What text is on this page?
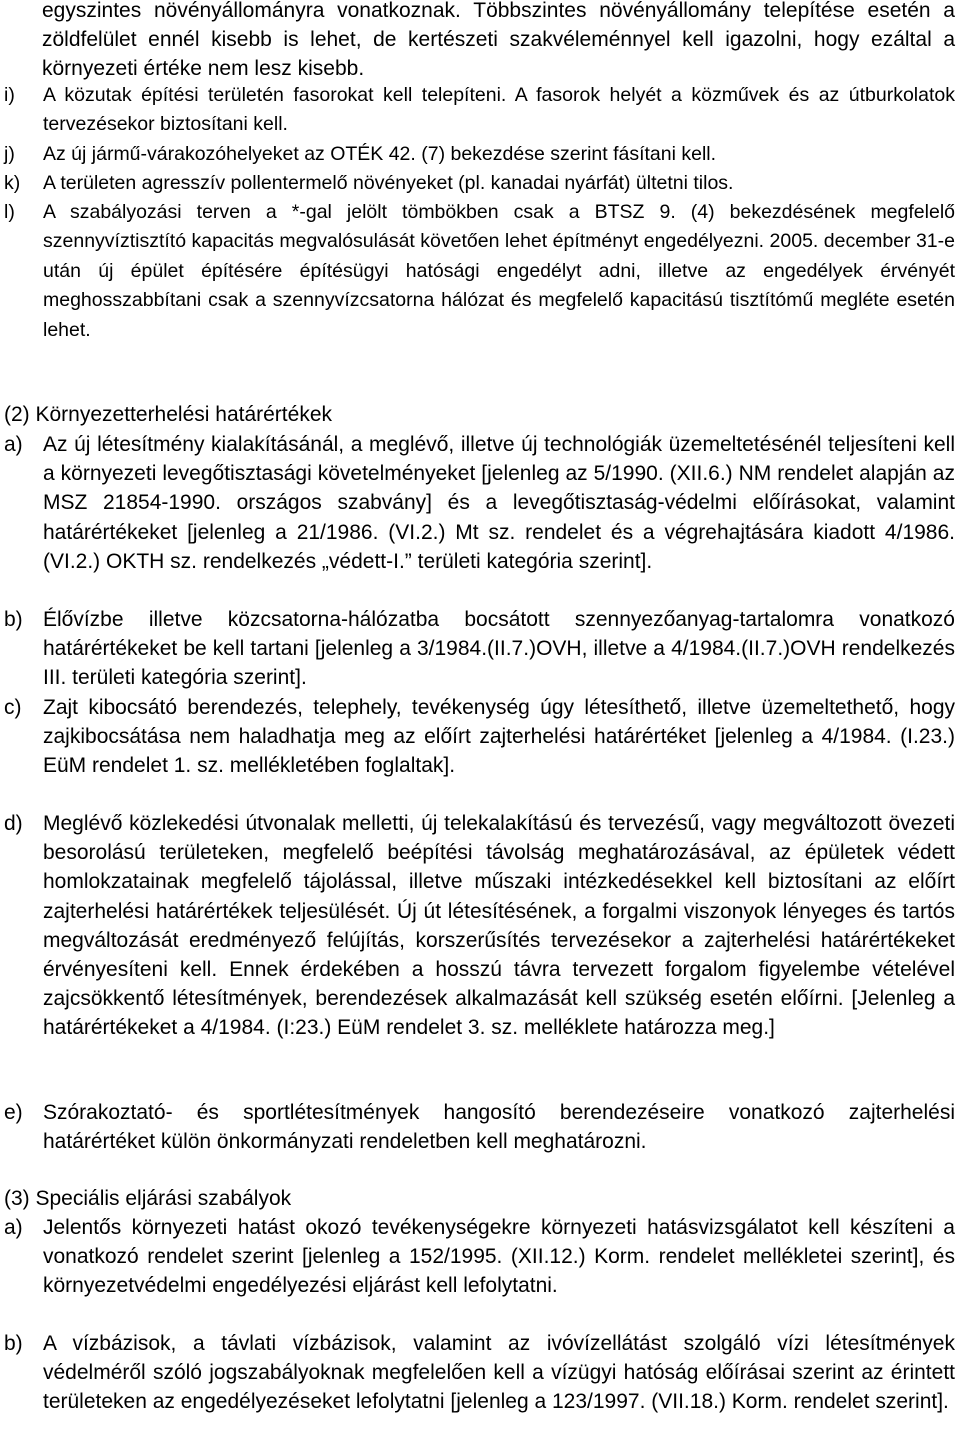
egyszintes növényállományra vonatkoznak. Többszintes növényállomány telepítése esetén a zöldfelület ennél kisebb is lehet, de kertészeti szakvéleménnyel kell igazolni, hogy ezáltal a környezeti értéke nem lesz kisebb.
i)	A közutak építési területén fasorokat kell telepíteni. A fasorok helyét a közművek és az útburkolatok tervezésekor biztosítani kell.
j)	Az új jármű-várakozóhelyeket az OTÉK 42. (7) bekezdése szerint fásítani kell.
k)	A területen agresszív pollentermelő növényeket (pl. kanadai nyárfát) ültetni tilos.
l)	A szabályozási terven a *-gal jelölt tömbökben csak a BTSZ 9. (4) bekezdésének megfelelő szennyvíztisztító kapacitás megvalósulását követően lehet építményt engedélyezni. 2005. december 31-e után új épület építésére építésügyi hatósági engedélyt adni, illetve az engedélyek érvényét meghosszabbítani csak a szennyvízcsatorna hálózat és megfelelő kapacitású tisztítómű megléte esetén lehet.
(2) Környezetterhelési határértékek
a) Az új létesítmény kialakításánál, a meglévő, illetve új technológiák üzemeltetésénél teljesíteni kell a környezeti levegőtisztasági követelményeket [jelenleg az 5/1990. (XII.6.) NM rendelet alapján az MSZ 21854-1990. országos szabvány] és a levegőtisztaság-védelmi előírásokat, valamint határértékeket [jelenleg a 21/1986. (VI.2.) Mt sz. rendelet és a végrehajtására kiadott 4/1986. (VI.2.) OKTH sz. rendelkezés „védett-I.” területi kategória szerint].
b) Élővízbe illetve közcsatorna-hálózatba bocsátott szennyezőanyag-tartalomra vonatkozó határértékeket be kell tartani [jelenleg a 3/1984.(II.7.)OVH, illetve a 4/1984.(II.7.)OVH rendelkezés III. területi kategória szerint].
c)	Zajt kibocsátó berendezés, telephely, tevékenység úgy létesíthető, illetve üzemeltethető, hogy zajkibocsátása nem haladhatja meg az előírt zajterhelési határértéket [jelenleg a 4/1984. (I.23.) EüM rendelet 1. sz. mellékletében foglaltak].
d) Meglévő közlekedési útvonalak melletti, új telekalakítású és tervezésű, vagy megváltozott övezeti besorolású területeken, megfelelő beépítési távolság meghatározásával, az épületek védett homlokzatainak megfelelő tájolással, illetve műszaki intézkedésekkel kell biztosítani az előírt zajterhelési határértékek teljesülését. Új út létesítésének, a forgalmi viszonyok lényeges és tartós megváltozását eredményező felújítás, korszerűsítés tervezésekor a zajterhelési határértékeket érvényesíteni kell. Ennek érdekében a hosszú távra tervezett forgalom figyelembe vételével zajcsökkentő létesítmények, berendezések alkalmazását kell szükség esetén előírni. [Jelenleg a határértékeket a 4/1984. (I:23.) EüM rendelet 3. sz. melléklete határozza meg.]
e) Szórakoztató- és sportlétesítmények hangosító berendezéseire vonatkozó zajterhelési határértéket külön önkormányzati rendeletben kell meghatározni.
(3) Speciális eljárási szabályok
a) Jelentős környezeti hatást okozó tevékenységekre környezeti hatásvizsgálatot kell készíteni a vonatkozó rendelet szerint [jelenleg a 152/1995. (XII.12.) Korm. rendelet mellékletei szerint], és környezetvédelmi engedélyezési eljárást kell lefolytatni.
b) A vízbázisok, a távlati vízbázisok, valamint az ivóvízellátást szolgáló vízi létesítmények védelméről szóló jogszabályoknak megfelelően kell a vízügyi hatóság előírásai szerint az érintett területeken az engedélyezéseket lefolytatni [jelenleg a 123/1997. (VII.18.) Korm. rendelet szerint].
